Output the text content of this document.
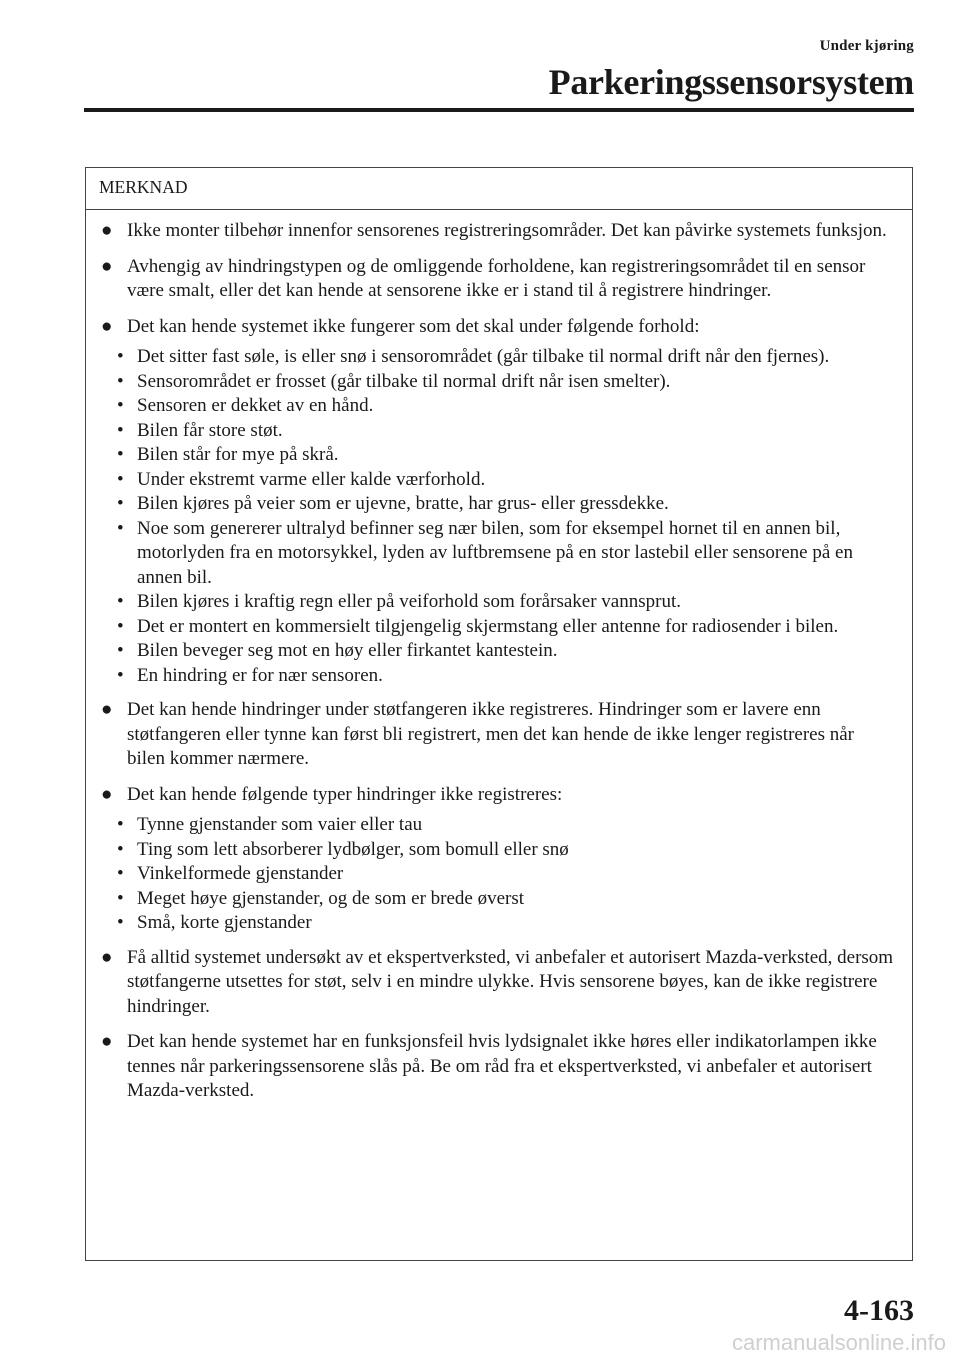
Under kjøring
Parkeringssensorsystem
MERKNAD
● Ikke monter tilbehør innenfor sensorenes registreringsområder. Det kan påvirke systemets funksjon.
● Avhengig av hindringstypen og de omliggende forholdene, kan registreringsområdet til en sensor være smalt, eller det kan hende at sensorene ikke er i stand til å registrere hindringer.
● Det kan hende systemet ikke fungerer som det skal under følgende forhold:
• Det sitter fast søle, is eller snø i sensorområdet (går tilbake til normal drift når den fjernes).
• Sensorområdet er frosset (går tilbake til normal drift når isen smelter).
• Sensoren er dekket av en hånd.
• Bilen får store støt.
• Bilen står for mye på skrå.
• Under ekstremt varme eller kalde værforhold.
• Bilen kjøres på veier som er ujevne, bratte, har grus- eller gressdekke.
• Noe som genererer ultralyd befinner seg nær bilen, som for eksempel hornet til en annen bil, motorlyden fra en motorsykkel, lyden av luftbremsene på en stor lastebil eller sensorene på en annen bil.
• Bilen kjøres i kraftig regn eller på veiforhold som forårsaker vannsprut.
• Det er montert en kommersielt tilgjengelig skjermstang eller antenne for radiosender i bilen.
• Bilen beveger seg mot en høy eller firkantet kantestein.
• En hindring er for nær sensoren.
● Det kan hende hindringer under støtfangeren ikke registreres. Hindringer som er lavere enn støtfangeren eller tynne kan først bli registrert, men det kan hende de ikke lenger registreres når bilen kommer nærmere.
● Det kan hende følgende typer hindringer ikke registreres:
• Tynne gjenstander som vaier eller tau
• Ting som lett absorberer lydbølger, som bomull eller snø
• Vinkelformede gjenstander
• Meget høye gjenstander, og de som er brede øverst
• Små, korte gjenstander
● Få alltid systemet undersøkt av et ekspertverksted, vi anbefaler et autorisert Mazda-verksted, dersom støtfangerne utsettes for støt, selv i en mindre ulykke. Hvis sensorene bøyes, kan de ikke registrere hindringer.
● Det kan hende systemet har en funksjonsfeil hvis lydsignalet ikke høres eller indikatorlampen ikke tennes når parkeringssensorene slås på. Be om råd fra et ekspertverksted, vi anbefaler et autorisert Mazda-verksted.
4-163
carmanualsonline.info
